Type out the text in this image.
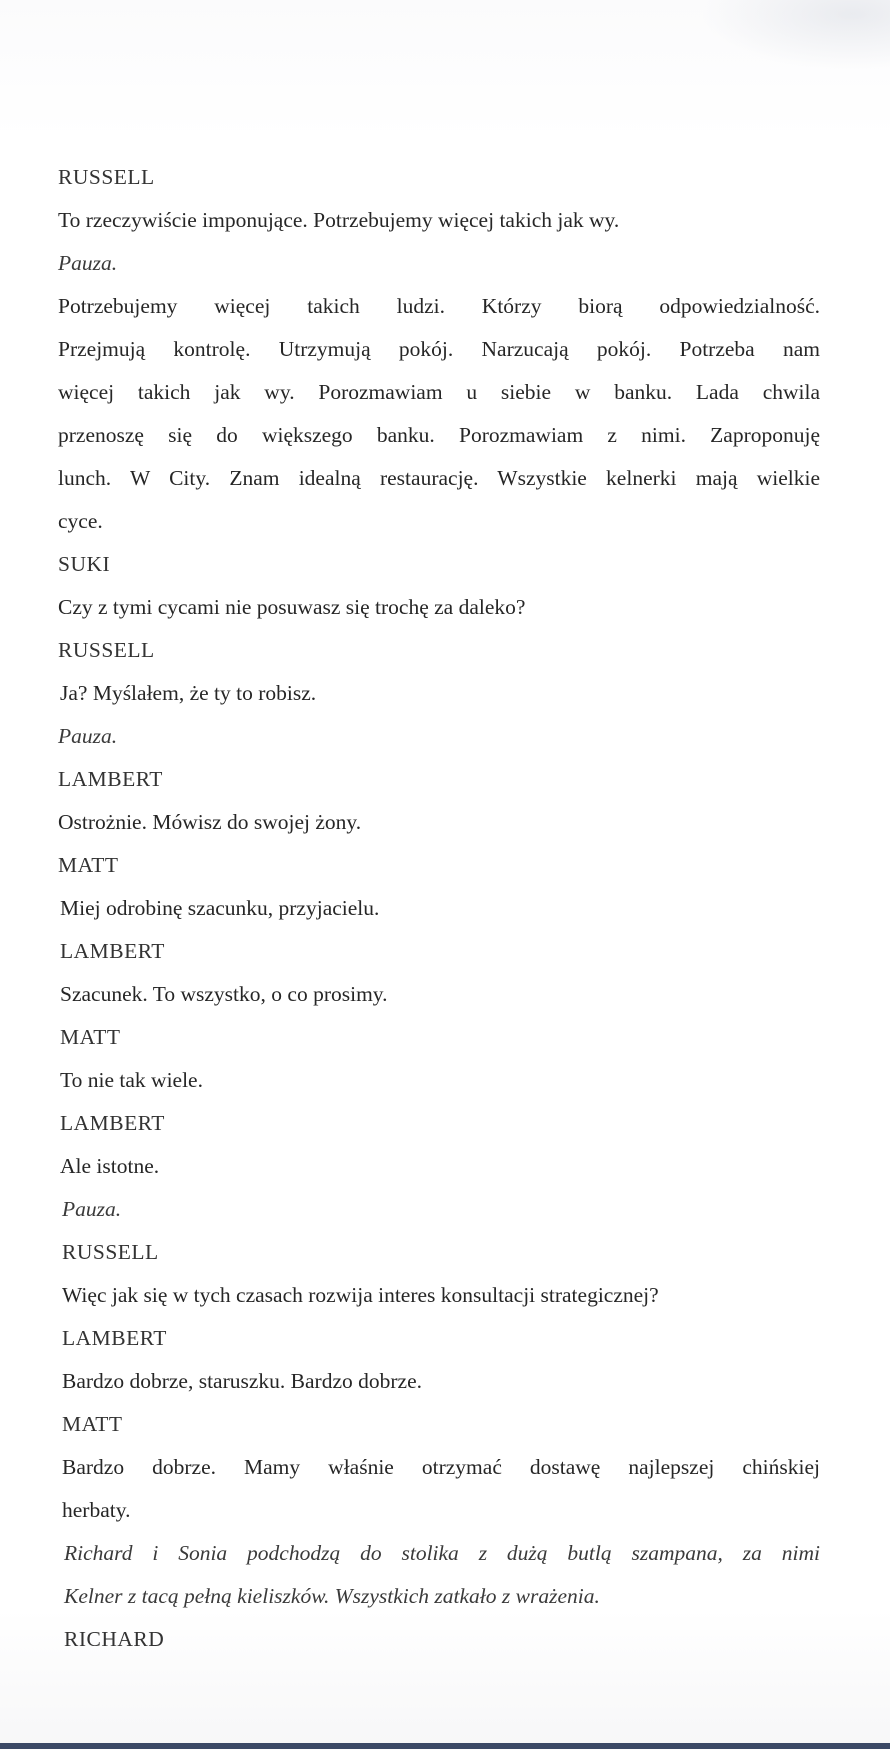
RUSSELL
To rzeczywiście imponujące. Potrzebujemy więcej takich jak wy.
Pauza.
Potrzebujemy więcej takich ludzi. Którzy biorą odpowiedzialność.
Przejmują kontrolę. Utrzymują pokój. Narzucają pokój. Potrzeba nam
więcej takich jak wy. Porozmawiam u siebie w banku. Lada chwila
przenoszę się do większego banku. Porozmawiam z nimi. Zaproponuję
lunch. W City. Znam idealną restaurację. Wszystkie kelnerki mają wielkie
cyce.
SUKI
Czy z tymi cycami nie posuwasz się trochę za daleko?
RUSSELL
Ja? Myślałem, że ty to robisz.
Pauza.
LAMBERT
Ostrożnie. Mówisz do swojej żony.
MATT
Miej odrobinę szacunku, przyjacielu.
LAMBERT
Szacunek. To wszystko, o co prosimy.
MATT
To nie tak wiele.
LAMBERT
Ale istotne.
Pauza.
RUSSELL
Więc jak się w tych czasach rozwija interes konsultacji strategicznej?
LAMBERT
Bardzo dobrze, staruszku. Bardzo dobrze.
MATT
Bardzo dobrze. Mamy właśnie otrzymać dostawę najlepszej chińskiej
herbaty.
Richard i Sonia podchodzą do stolika z dużą butlą szampana, za nimi
Kelner z tacą pełną kieliszków. Wszystkich zatkało z wrażenia.
RICHARD
